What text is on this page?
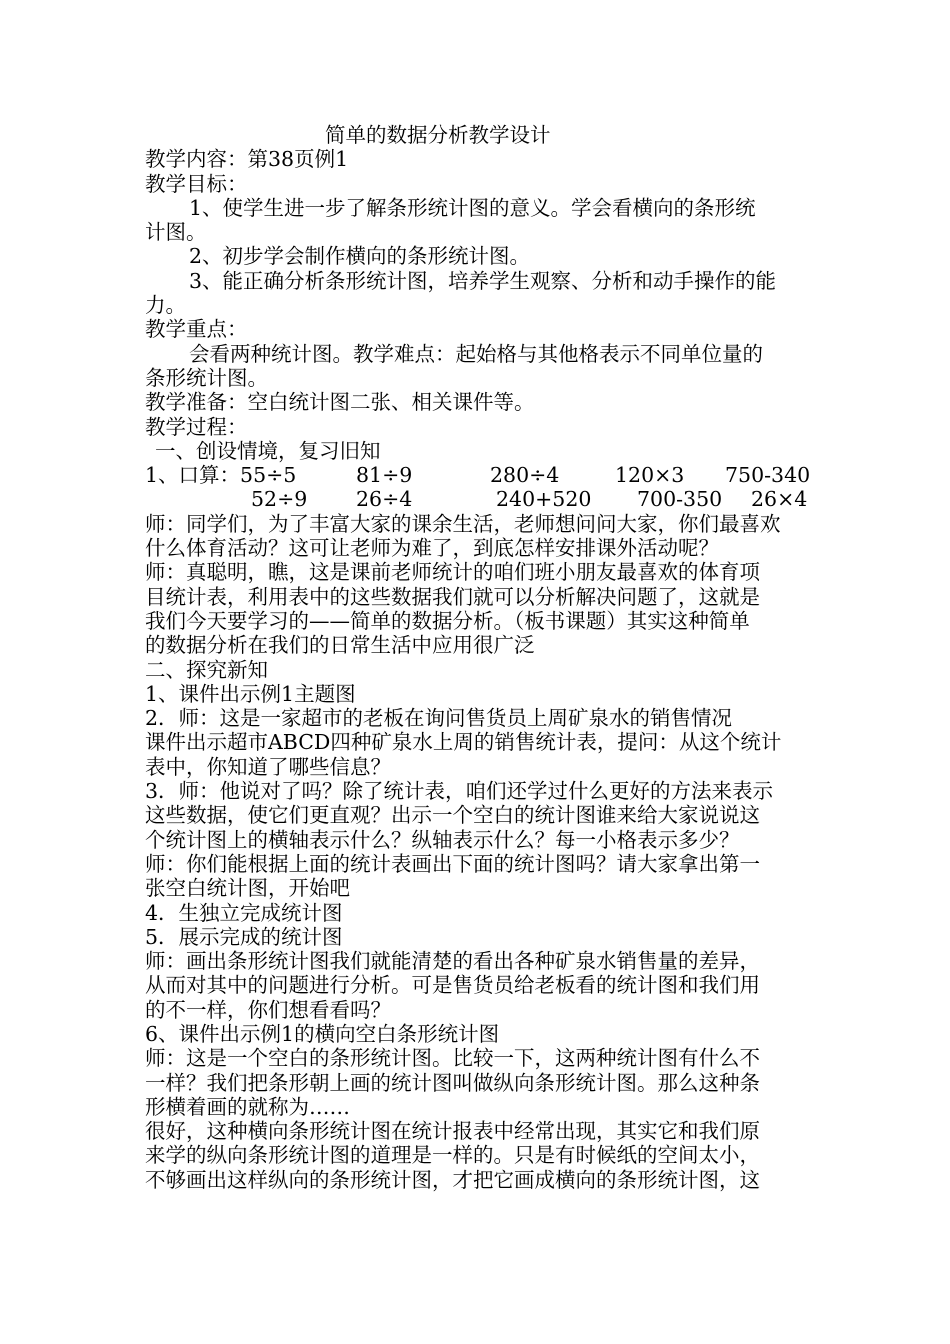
简单的数据分析教学设计
教学内容：第38页例1
教学目标：
1、使学生进一步了解条形统计图的意义。学会看横向的条形统
计图。
2、初步学会制作横向的条形统计图。
3、能正确分析条形统计图，培养学生观察、分析和动手操作的能
力。
教学重点：
会看两种统计图。教学难点：起始格与其他格表示不同单位量的
条形统计图。
教学准备：空白统计图二张、相关课件等。
教学过程：
一、创设情境，复习旧知
1、口算：55÷5	81÷9	280÷4	120×3 750-340
52÷9 26÷4	240+520 700-350 26×4
师：同学们，为了丰富大家的课余生活，老师想问问大家，你们最喜欢
什么体育活动？这可让老师为难了，到底怎样安排课外活动呢？
师：真聪明，瞧，这是课前老师统计的咱们班小朋友最喜欢的体育项
目统计表，利用表中的这些数据我们就可以分析解决问题了，这就是
我们今天要学习的——简单的数据分析。（板书课题）其实这种简单
的数据分析在我们的日常生活中应用很广泛
二、探究新知
1、课件出示例1主题图
2．师：这是一家超市的老板在询问售货员上周矿泉水的销售情况
课件出示超市ABCD四种矿泉水上周的销售统计表，提问：从这个统计
表中，你知道了哪些信息？
3．师：他说对了吗？除了统计表，咱们还学过什么更好的方法来表示
这些数据，使它们更直观？出示一个空白的统计图谁来给大家说说这
个统计图上的横轴表示什么？纵轴表示什么？每一小格表示多少？
师：你们能根据上面的统计表画出下面的统计图吗？请大家拿出第一
张空白统计图，开始吧
4．生独立完成统计图
5．展示完成的统计图
师：画出条形统计图我们就能清楚的看出各种矿泉水销售量的差异，
从而对其中的问题进行分析。可是售货员给老板看的统计图和我们用
的不一样，你们想看看吗？
6、课件出示例1的横向空白条形统计图
师：这是一个空白的条形统计图。比较一下，这两种统计图有什么不
一样？我们把条形朝上画的统计图叫做纵向条形统计图。那么这种条
形横着画的就称为……
很好，这种横向条形统计图在统计报表中经常出现，其实它和我们原
来学的纵向条形统计图的道理是一样的。只是有时候纸的空间太小，
不够画出这样纵向的条形统计图，才把它画成横向的条形统计图，这
